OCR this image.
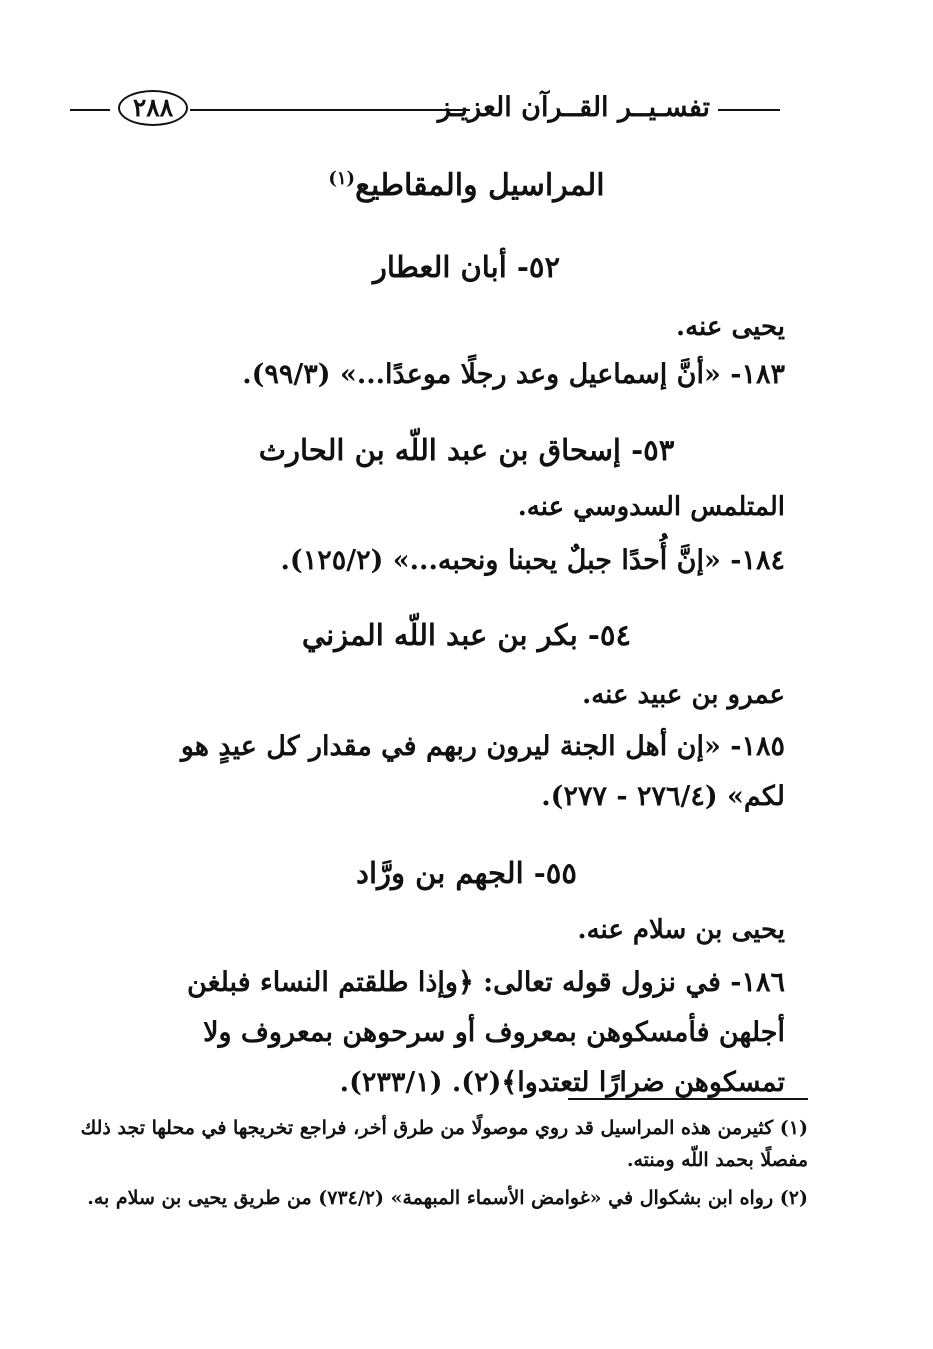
٢٨٨	تفسـيــر القــرآن العزيـز
المراسيل والمقاطيع$^{(١)}$
٥٢- أبان العطار
يحيى عنه.
١٨٣- «أنَّ إسماعيل وعد رجلًا موعدًا...» (٩٩/٣).
٥٣- إسحاق بن عبد اللّه بن الحارث
المتلمس السدوسي عنه.
١٨٤- «إنَّ أُحدًا جبلٌ يحبنا ونحبه...» (١٢٥/٢).
٥٤- بكر بن عبد اللّه المزني
عمرو بن عبيد عنه.
١٨٥- «إن أهل الجنة ليرون ربهم في مقدار كل عيدٍ هو لكم» (٢٧٦/٤ - ٢٧٧).
٥٥- الجهم بن ورَّاد
يحيى بن سلام عنه.
١٨٦- في نزول قوله تعالى: ﴿وإذا طلقتم النساء فبلغن أجلهن فأمسكوهن بمعروف أو سرحوهن بمعروف ولا تمسكوهن ضرارًا لتعتدوا﴾(٢). (٢٣٣/١).
(١) كثيرمن هذه المراسيل قد روي موصولًا من طرق أخر، فراجع تخريجها في محلها تجد ذلك مفصلًا بحمد اللّه ومنته.
(٢) رواه ابن بشكوال في «غوامض الأسماء المبهمة» (٧٣٤/٢) من طريق يحيى بن سلام به.
